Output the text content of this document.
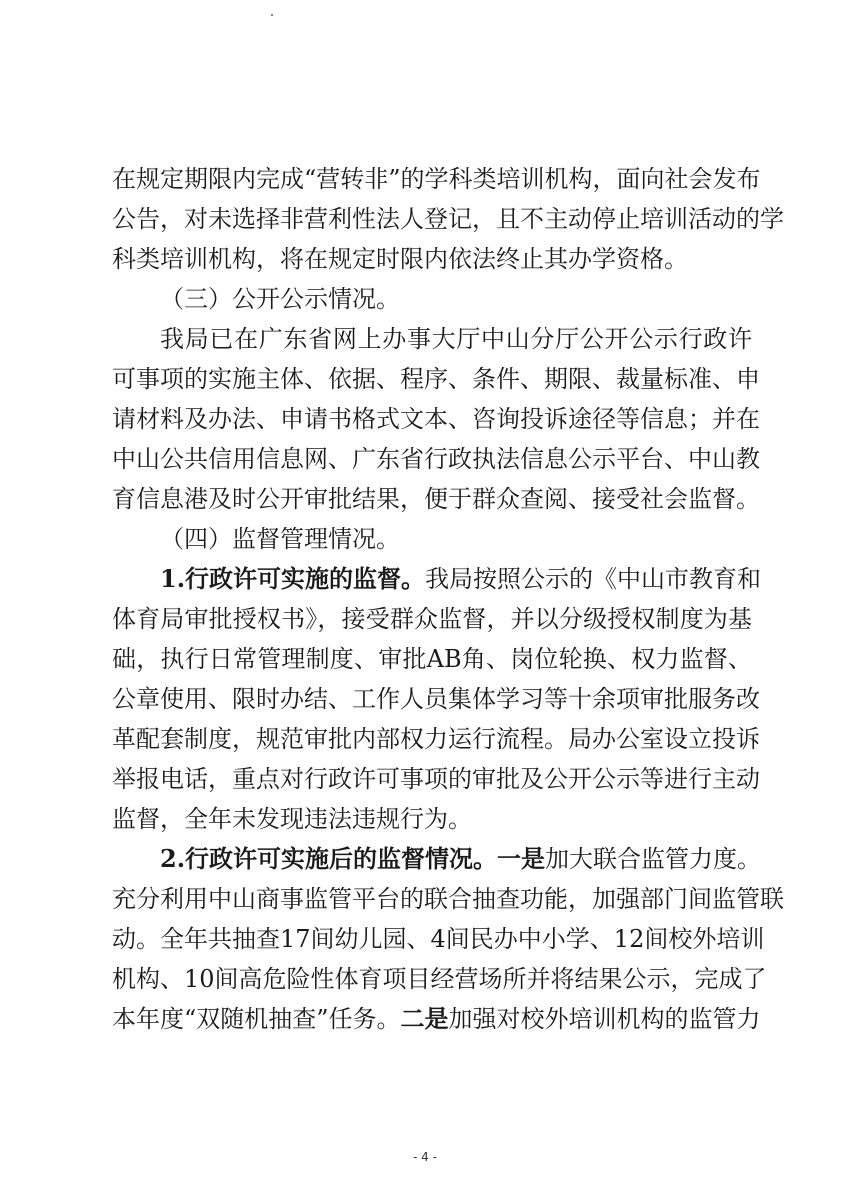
在规定期限内完成“营转非”的学科类培训机构，面向社会发布
公告，对未选择非营利性法人登记，且不主动停止培训活动的学
科类培训机构，将在规定时限内依法终止其办学资格。
（三）公开公示情况。
我局已在广东省网上办事大厅中山分厅公开公示行政许
可事项的实施主体、依据、程序、条件、期限、裁量标准、申
请材料及办法、申请书格式文本、咨询投诉途径等信息；并在
中山公共信用信息网、广东省行政执法信息公示平台、中山教
育信息港及时公开审批结果，便于群众查阅、接受社会监督。
（四）监督管理情况。
1.行政许可实施的监督。我局按照公示的《中山市教育和
体育局审批授权书》，接受群众监督，并以分级授权制度为基
础，执行日常管理制度、审批AB角、岗位轮换、权力监督、
公章使用、限时办结、工作人员集体学习等十余项审批服务改
革配套制度，规范审批内部权力运行流程。局办公室设立投诉
举报电话，重点对行政许可事项的审批及公开公示等进行主动
监督，全年未发现违法违规行为。
2.行政许可实施后的监督情况。一是加大联合监管力度。
充分利用中山商事监管平台的联合抽查功能，加强部门间监管联
动。全年共抽查17间幼儿园、4间民办中小学、12间校外培训
机构、10间高危险性体育项目经营场所并将结果公示，完成了
本年度“双随机抽查”任务。二是加强对校外培训机构的监管力
- 4 -
